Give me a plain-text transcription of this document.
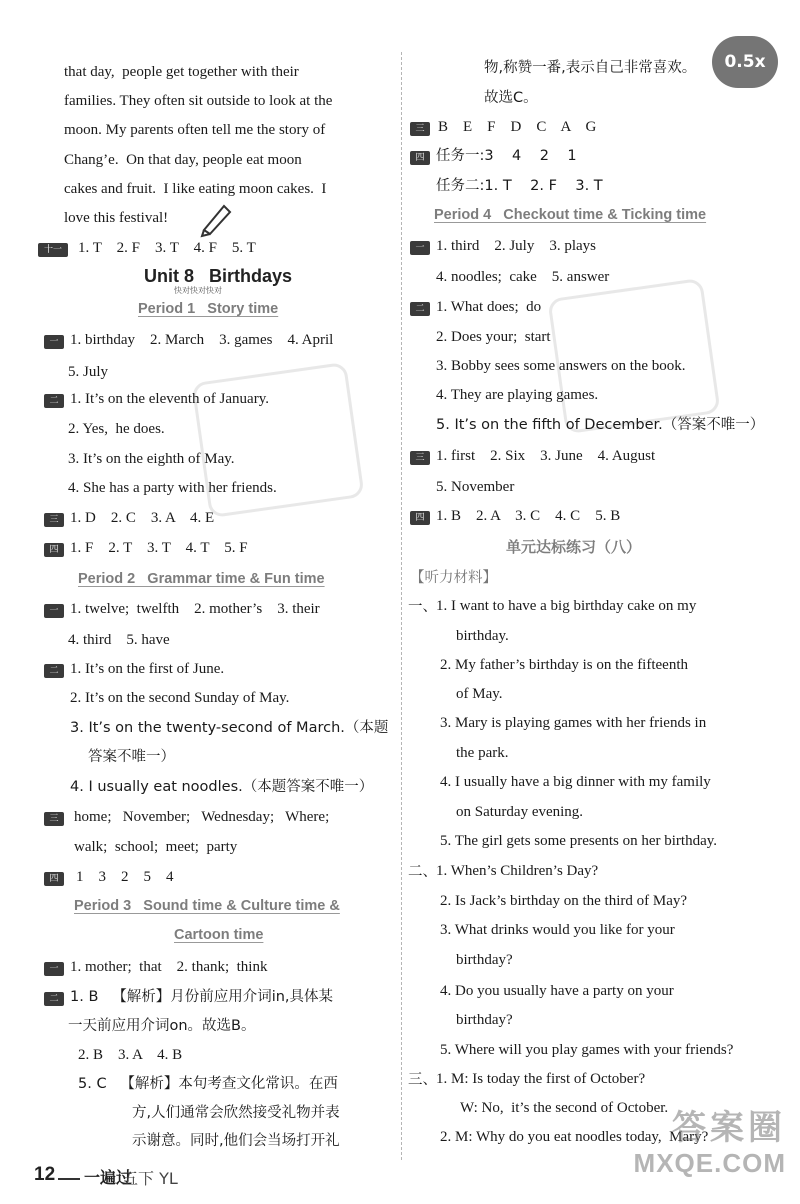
that day,  people get together with their
families. They often sit outside to look at the
moon. My parents often tell me the story of
Chang’e.  On that day, people eat moon
cakes and fruit.  I like eating moon cakes.  I
love this festival!
十一	1. T    2. F    3. T    4. F    5. T
Unit 8   Birthdays
快对快对快对
Period 1   Story time
一 1. birthday    2. March    3. games    4. April
5. July
二 1. It’s on the eleventh of January.
2. Yes,  he does.
3. It’s on the eighth of May.
4. She has a party with her friends.
三 1. D    2. C    3. A    4. E
四 1. F    2. T    3. T    4. T    5. F
Period 2   Grammar time & Fun time
一 1. twelve;  twelfth    2. mother’s    3. their
4. third    5. have
二 1. It’s on the first of June.
2. It’s on the second Sunday of May.
3. It’s on the twenty-second of March.（本题
答案不唯一）
4. I usually eat noodles.（本题答案不唯一）
三	home;   November;   Wednesday;   Where;
walk;  school;  meet;  party
四	1    3    2    5    4
Period 3   Sound time & Culture time &
Cartoon time
一 1. mother;  that    2. thank;  think
二 1. B   【解析】月份前应用介词in,具体某
一天前应用介词on。故选B。
2. B    3. A    4. B
5. C   【解析】本句考查文化常识。在西
方,人们通常会欣然接受礼物并表
示谢意。同时,他们会当场打开礼
物,称赞一番,表示自己非常喜欢。
故选C。
三 B    E    F    D    C    A    G
四 任务一:3    4    2    1
任务二:1. T    2. F    3. T
Period 4   Checkout time & Ticking time
一 1. third    2. July    3. plays
4. noodles;  cake    5. answer
二 1. What does;  do
2. Does your;  start
3. Bobby sees some answers on the book.
4. They are playing games.
5. It’s on the fifth of December.（答案不唯一）
三 1. first    2. Six    3. June    4. August
5. November
四 1. B    2. A    3. C    4. C    5. B
单元达标练习（八）
【听力材料】
一、 1. I want to have a big birthday cake on my
birthday.
2. My father’s birthday is on the fifteenth
of May.
3. Mary is playing games with her friends in
the park.
4. I usually have a big dinner with my family
on Saturday evening.
5. The girl gets some presents on her birthday.
二、 1. When’s Children’s Day?
2. Is Jack’s birthday on the third of May?
3. What drinks would you like for your
birthday?
4. Do you usually have a party on your
birthday?
5. Where will you play games with your friends?
三、 1. M: Is today the first of October?
W: No,  it’s the second of October.
2. M: Why do you eat noodles today,  Mary?
0.5x
12 一遍过
五下 YL
答案圈
MXQE.COM
